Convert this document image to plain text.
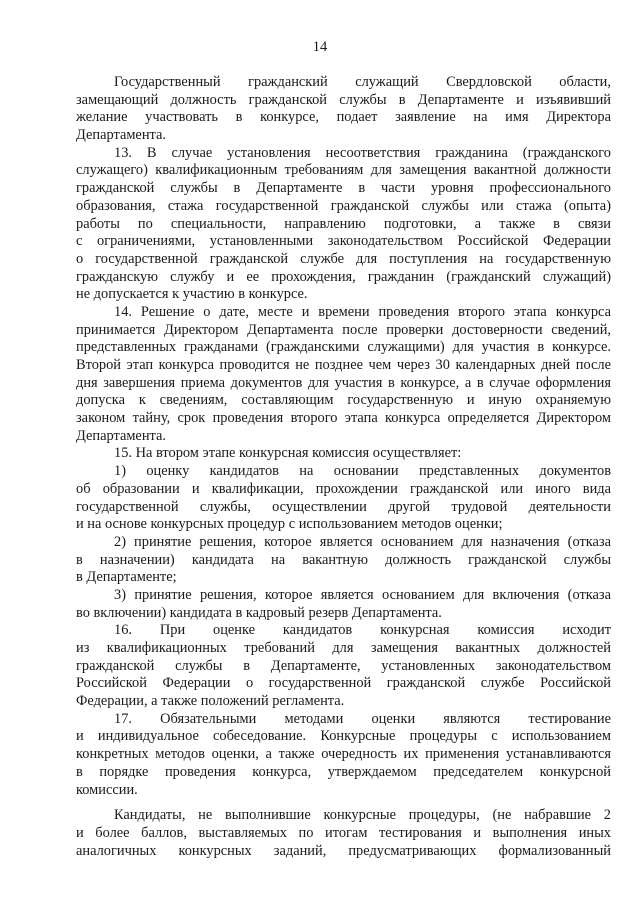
14
Государственный гражданский служащий Свердловской области,
замещающий должность гражданской службы в Департаменте и изъявивший
желание участвовать в конкурсе, подает заявление на имя Директора
Департамента.
13. В случае установления несоответствия гражданина (гражданского
служащего) квалификационным требованиям для замещения вакантной должности
гражданской службы в Департаменте в части уровня профессионального
образования, стажа государственной гражданской службы или стажа (опыта)
работы по специальности, направлению подготовки, а также в связи
с ограничениями, установленными законодательством Российской Федерации
о государственной гражданской службе для поступления на государственную
гражданскую службу и ее прохождения, гражданин (гражданский служащий)
не допускается к участию в конкурсе.
14. Решение о дате, месте и времени проведения второго этапа конкурса
принимается Директором Департамента после проверки достоверности сведений,
представленных гражданами (гражданскими служащими) для участия в конкурсе.
Второй этап конкурса проводится не позднее чем через 30 календарных дней после
дня завершения приема документов для участия в конкурсе, а в случае оформления
допуска к сведениям, составляющим государственную и иную охраняемую
законом тайну, срок проведения второго этапа конкурса определяется Директором
Департамента.
15. На втором этапе конкурсная комиссия осуществляет:
1) оценку кандидатов на основании представленных документов
об образовании и квалификации, прохождении гражданской или иного вида
государственной службы, осуществлении другой трудовой деятельности
и на основе конкурсных процедур с использованием методов оценки;
2) принятие решения, которое является основанием для назначения (отказа
в назначении) кандидата на вакантную должность гражданской службы
в Департаменте;
3) принятие решения, которое является основанием для включения (отказа
во включении) кандидата в кадровый резерв Департамента.
16. При оценке кандидатов конкурсная комиссия исходит
из квалификационных требований для замещения вакантных должностей
гражданской службы в Департаменте, установленных законодательством
Российской Федерации о государственной гражданской службе Российской
Федерации, а также положений регламента.
17. Обязательными методами оценки являются тестирование
и индивидуальное собеседование. Конкурсные процедуры с использованием
конкретных методов оценки, а также очередность их применения устанавливаются
в порядке проведения конкурса, утверждаемом председателем конкурсной
комиссии.
Кандидаты, не выполнившие конкурсные процедуры, (не набравшие 2
и более баллов, выставляемых по итогам тестирования и выполнения иных
аналогичных конкурсных заданий, предусматривающих формализованный
